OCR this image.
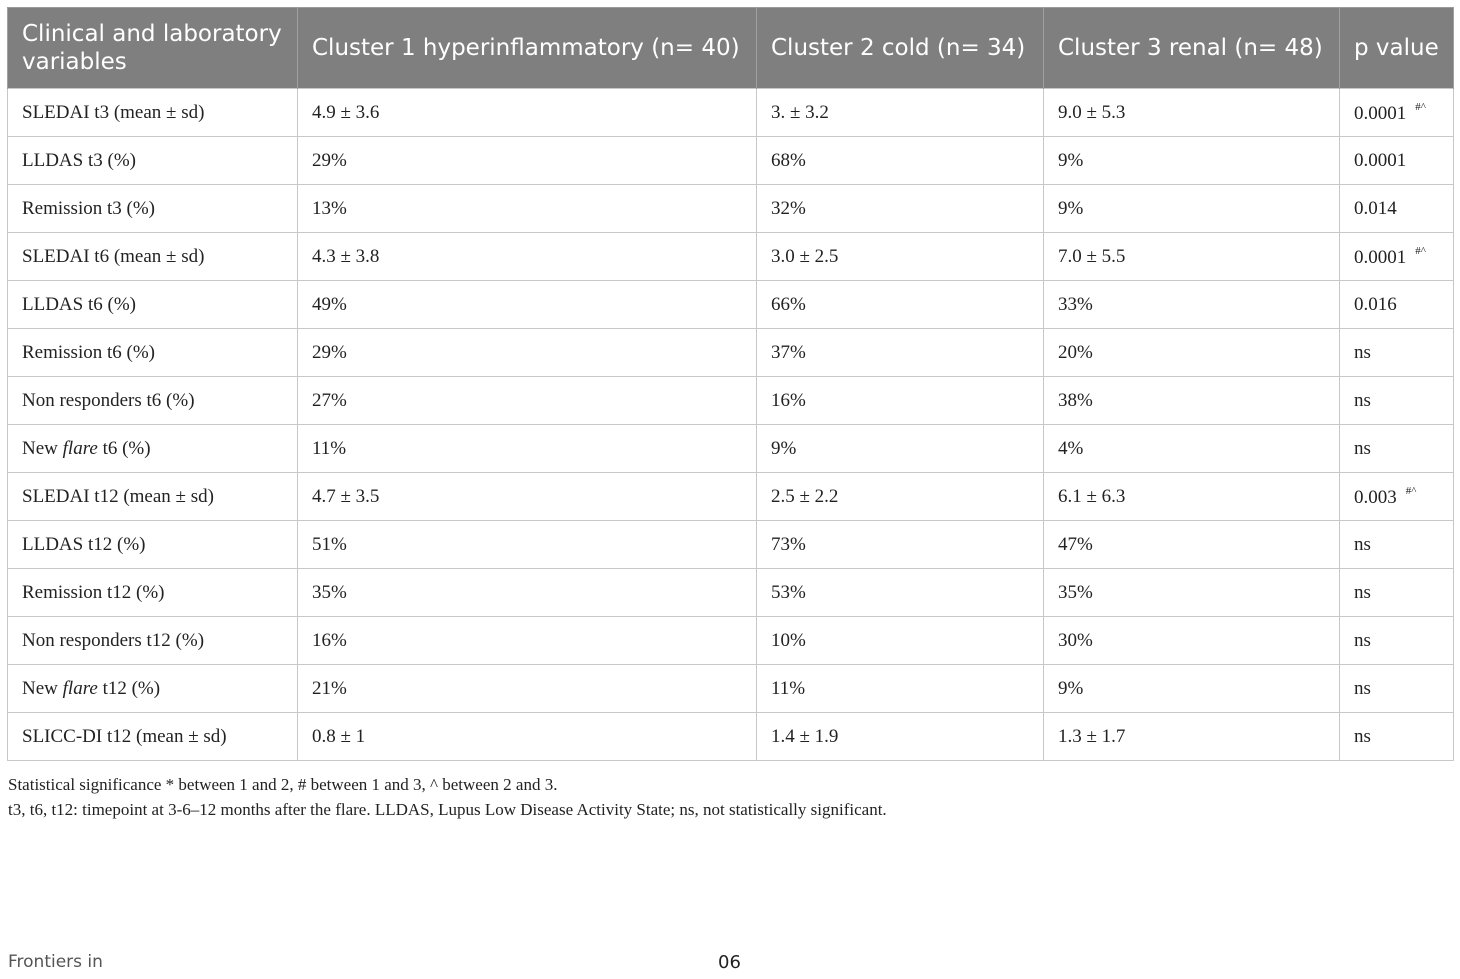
Clinical and laboratory variables	Cluster 1 hyperinflammatory (n= 40)	Cluster 2 cold (n= 34)	Cluster 3 renal (n= 48)	p value
SLEDAI t3 (mean ± sd)	4.9 ± 3.6	3. ± 3.2	9.0 ± 5.3	0.0001 #^
LLDAS t3 (%)	29%	68%	9%	0.0001
Remission t3 (%)	13%	32%	9%	0.014
SLEDAI t6 (mean ± sd)	4.3 ± 3.8	3.0 ± 2.5	7.0 ± 5.5	0.0001 #^
LLDAS t6 (%)	49%	66%	33%	0.016
Remission t6 (%)	29%	37%	20%	ns
Non responders t6 (%)	27%	16%	38%	ns
New flare t6 (%)	11%	9%	4%	ns
SLEDAI t12 (mean ± sd)	4.7 ± 3.5	2.5 ± 2.2	6.1 ± 6.3	0.003 #^
LLDAS t12 (%)	51%	73%	47%	ns
Remission t12 (%)	35%	53%	35%	ns
Non responders t12 (%)	16%	10%	30%	ns
New flare t12 (%)	21%	11%	9%	ns
SLICC-DI t12 (mean ± sd)	0.8 ± 1	1.4 ± 1.9	1.3 ± 1.7	ns
Statistical significance * between 1 and 2, # between 1 and 3, ^ between 2 and 3.
t3, t6, t12: timepoint at 3-6–12 months after the flare. LLDAS, Lupus Low Disease Activity State; ns, not statistically significant.
Frontiers in	06
